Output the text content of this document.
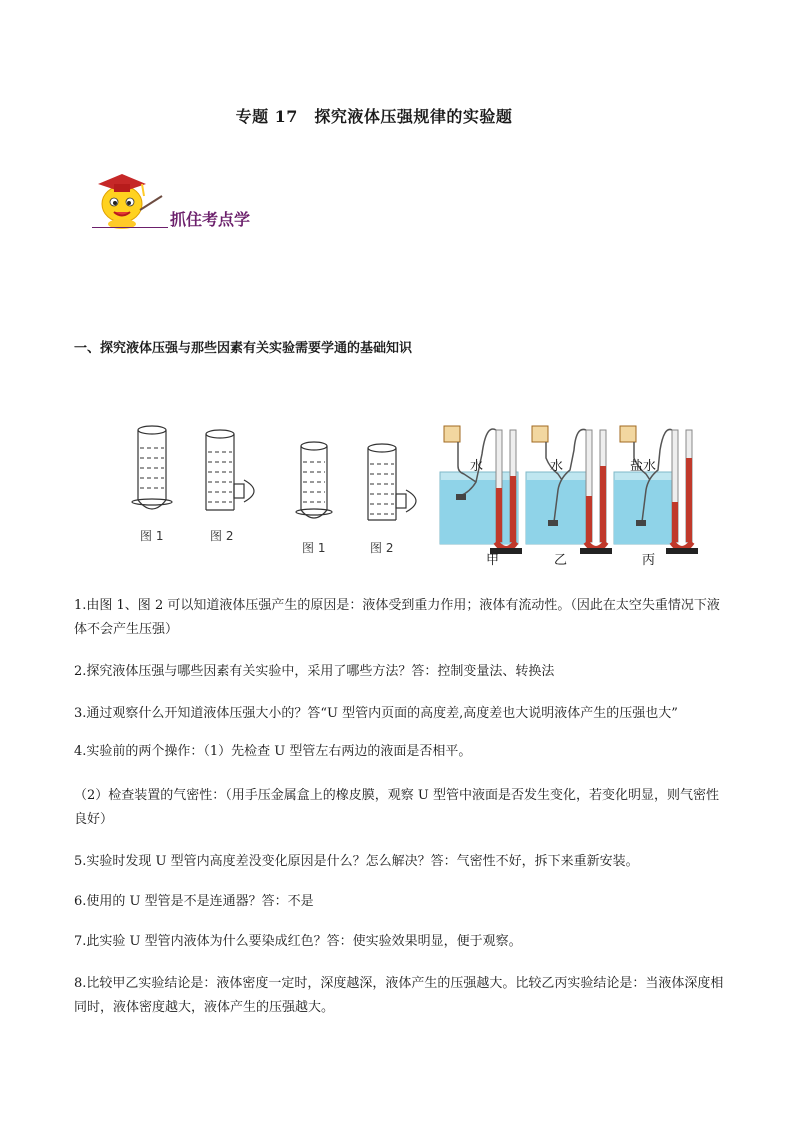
专题 17　探究液体压强规律的实验题
抓住考点学
一、探究液体压强与那些因素有关实验需要学通的基础知识
图 1	图 2
图 1	图 2
水
甲
水
乙
盐水
丙
1.由图 1、图 2 可以知道液体压强产生的原因是：液体受到重力作用；液体有流动性。（因此在太空失重情况下液体不会产生压强）
2.探究液体压强与哪些因素有关实验中，采用了哪些方法？答：控制变量法、转换法
3.通过观察什么开知道液体压强大小的？答“U 型管内页面的高度差,高度差也大说明液体产生的压强也大”
4.实验前的两个操作：（1）先检查 U 型管左右两边的液面是否相平。
（2）检查装置的气密性：（用手压金属盒上的橡皮膜，观察 U 型管中液面是否发生变化，若变化明显，则气密性良好）
5.实验时发现 U 型管内高度差没变化原因是什么？怎么解决？答：气密性不好，拆下来重新安装。
6.使用的 U 型管是不是连通器？答：不是
7.此实验 U 型管内液体为什么要染成红色？答：使实验效果明显，便于观察。
8.比较甲乙实验结论是：液体密度一定时，深度越深，液体产生的压强越大。比较乙丙实验结论是：当液体深度相同时，液体密度越大，液体产生的压强越大。
